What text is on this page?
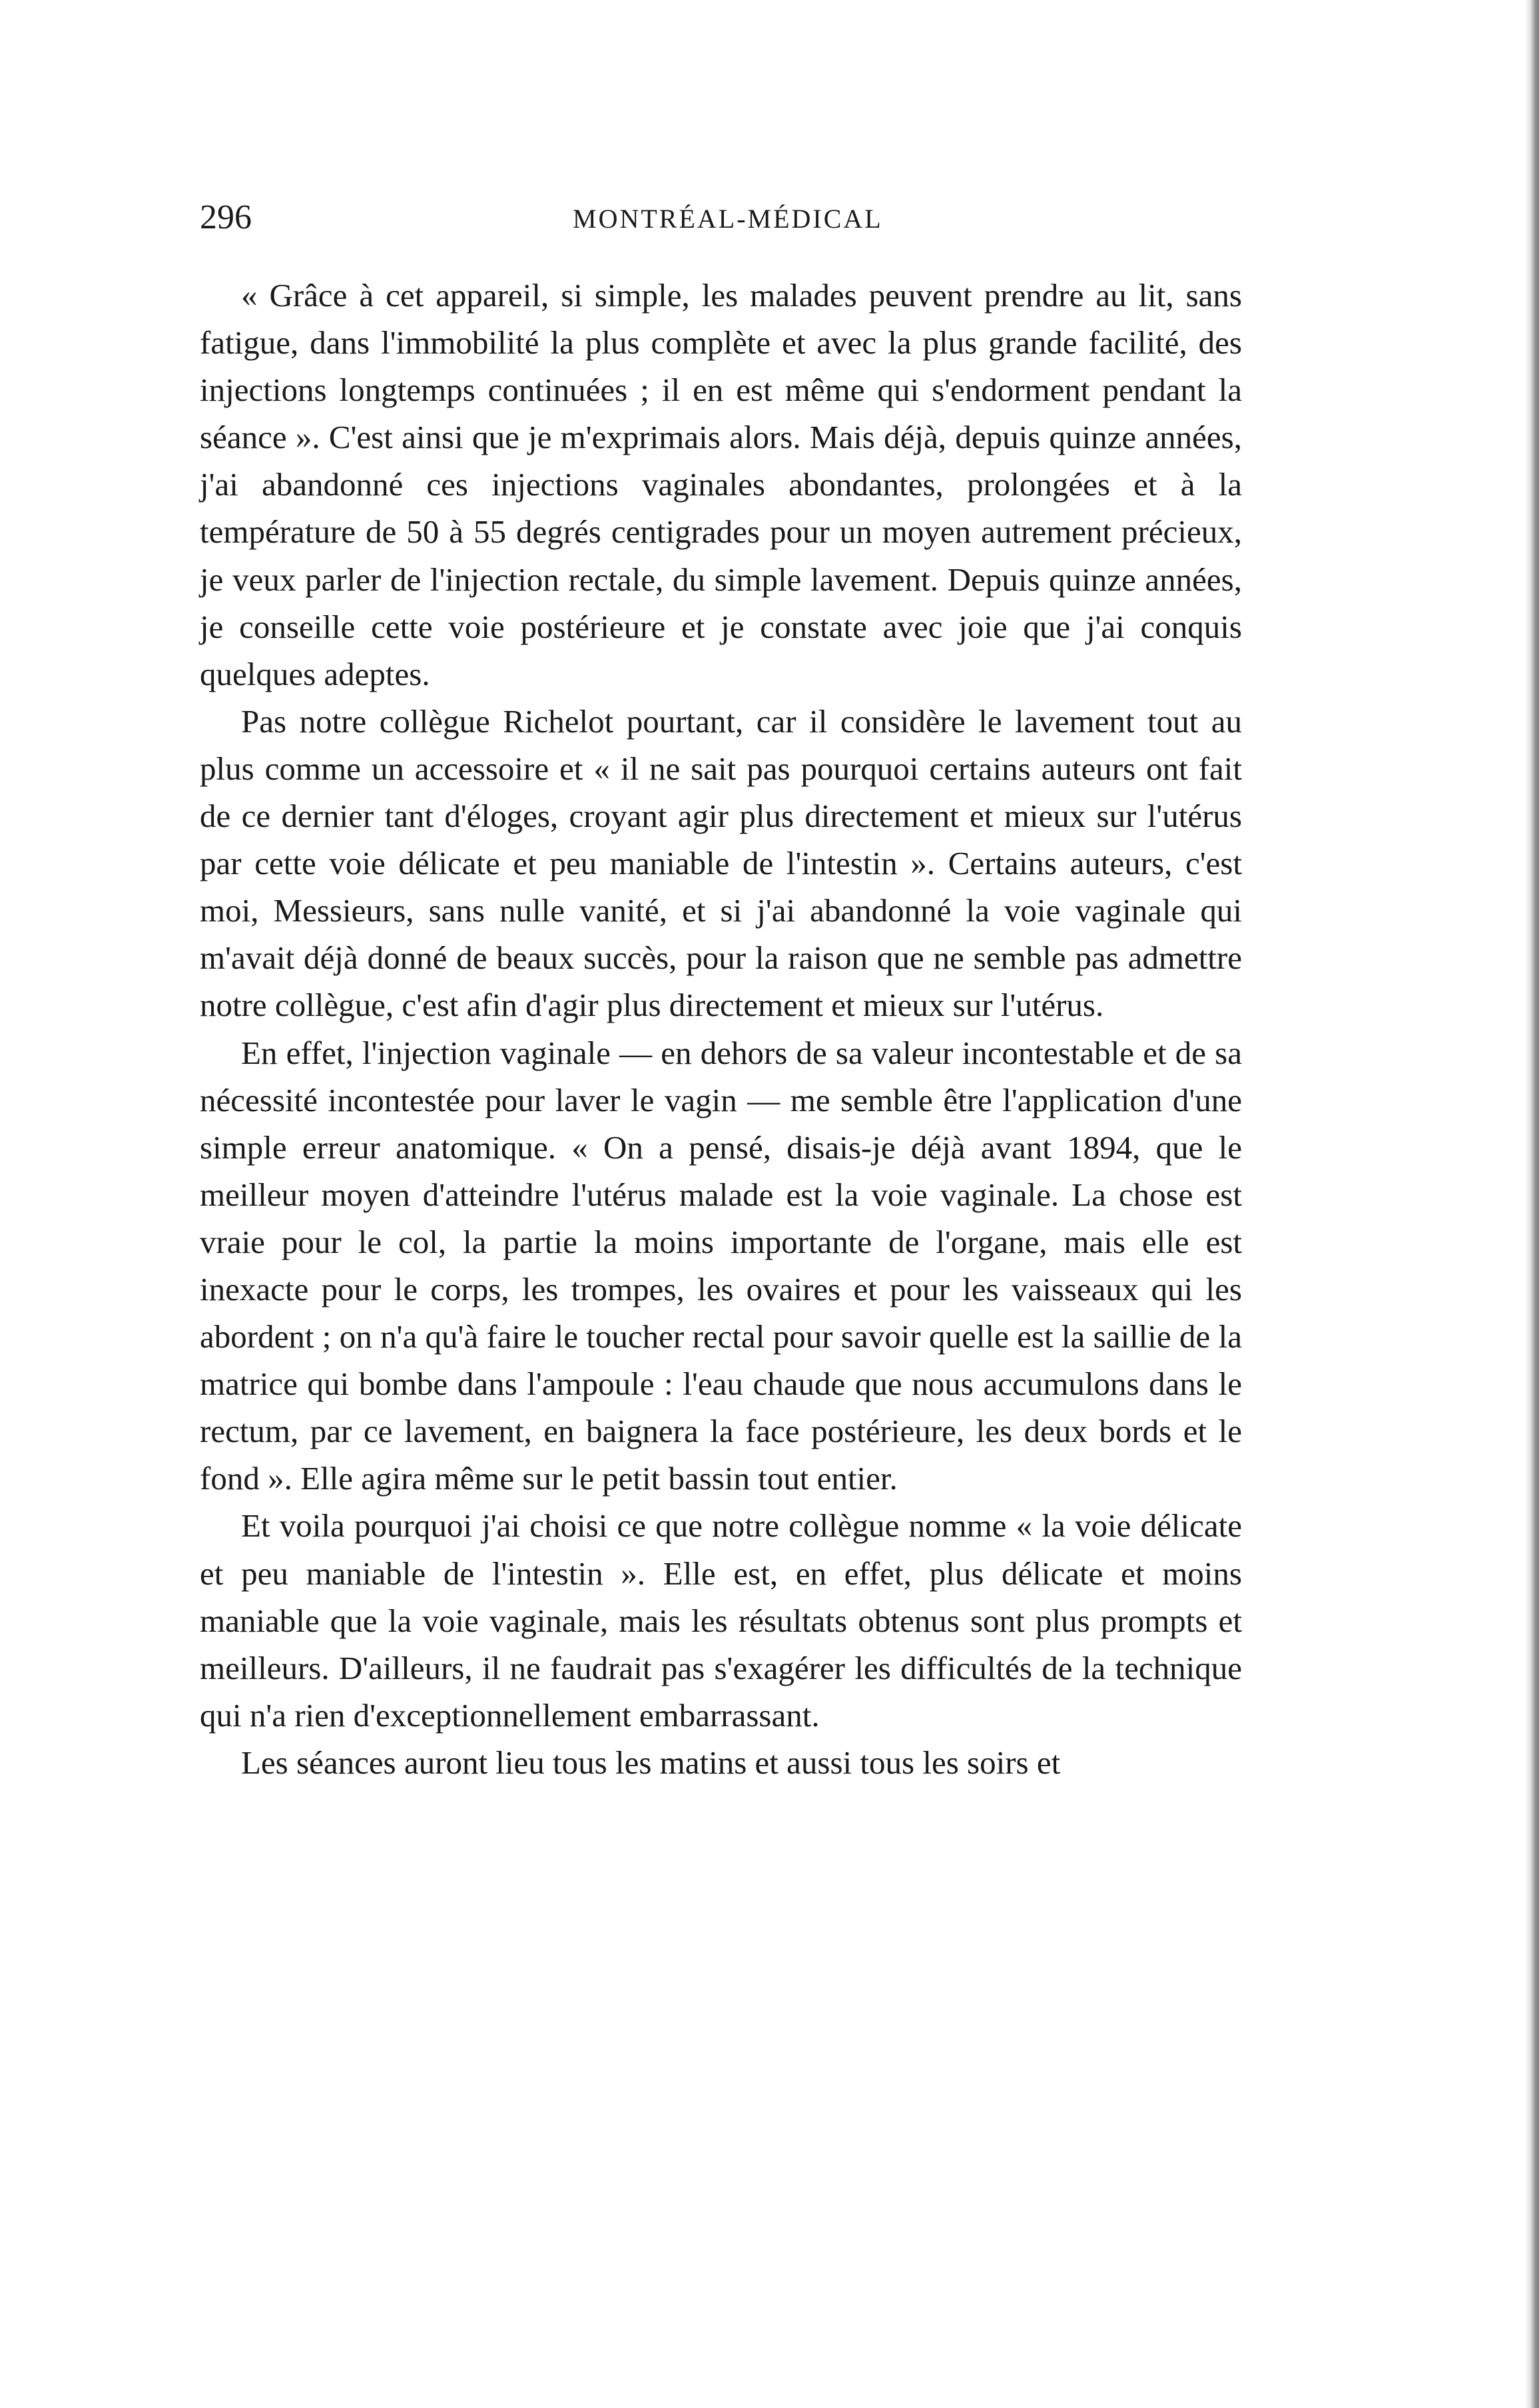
296	MONTRÉAL-MÉDICAL

« Grâce à cet appareil, si simple, les malades peuvent prendre au lit, sans fatigue, dans l'immobilité la plus complète et avec la plus grande facilité, des injections longtemps continuées ; il en est même qui s'endorment pendant la séance ». C'est ainsi que je m'exprimais alors. Mais déjà, depuis quinze années, j'ai abandonné ces injections vaginales abondantes, prolongées et à la température de 50 à 55 degrés centigrades pour un moyen autrement précieux, je veux parler de l'injection rectale, du simple lavement. Depuis quinze années, je conseille cette voie postérieure et je constate avec joie que j'ai conquis quelques adeptes.

Pas notre collègue Richelot pourtant, car il considère le lavement tout au plus comme un accessoire et « il ne sait pas pourquoi certains auteurs ont fait de ce dernier tant d'éloges, croyant agir plus directement et mieux sur l'utérus par cette voie délicate et peu maniable de l'intestin ». Certains auteurs, c'est moi, Messieurs, sans nulle vanité, et si j'ai abandonné la voie vaginale qui m'avait déjà donné de beaux succès, pour la raison que ne semble pas admettre notre collègue, c'est afin d'agir plus directement et mieux sur l'utérus.

En effet, l'injection vaginale — en dehors de sa valeur incontestable et de sa nécessité incontestée pour laver le vagin — me semble être l'application d'une simple erreur anatomique. « On a pensé, disais-je déjà avant 1894, que le meilleur moyen d'atteindre l'utérus malade est la voie vaginale. La chose est vraie pour le col, la partie la moins importante de l'organe, mais elle est inexacte pour le corps, les trompes, les ovaires et pour les vaisseaux qui les abordent ; on n'a qu'à faire le toucher rectal pour savoir quelle est la saillie de la matrice qui bombe dans l'ampoule : l'eau chaude que nous accumulons dans le rectum, par ce lavement, en baignera la face postérieure, les deux bords et le fond ». Elle agira même sur le petit bassin tout entier.

Et voila pourquoi j'ai choisi ce que notre collègue nomme « la voie délicate et peu maniable de l'intestin ». Elle est, en effet, plus délicate et moins maniable que la voie vaginale, mais les résultats obtenus sont plus prompts et meilleurs. D'ailleurs, il ne faudrait pas s'exagérer les difficultés de la technique qui n'a rien d'exceptionnellement embarrassant.

Les séances auront lieu tous les matins et aussi tous les soirs et
